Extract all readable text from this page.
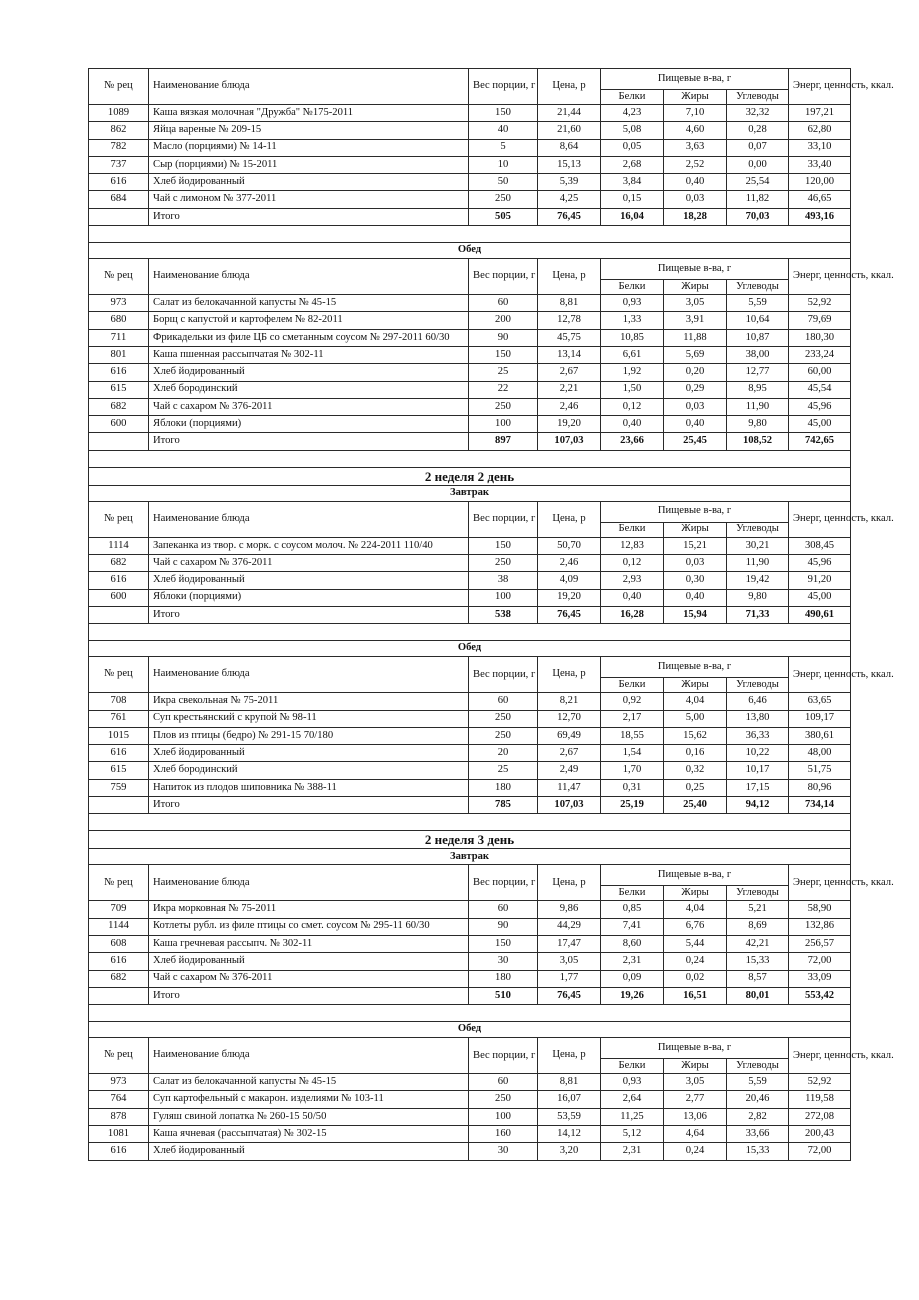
№ рец	Наименование блюда	Вес порции, г	Цена, р	Пищевые в-ва, г			Энерг, ценность, ккал.
				Белки	Жиры	Углеводы	
1089	Каша вязкая молочная "Дружба" №175-2011	150	21,44	4,23	7,10	32,32	197,21
862	Яйца вареные № 209-15	40	21,60	5,08	4,60	0,28	62,80
782	Масло (порциями) № 14-11	5	8,64	0,05	3,63	0,07	33,10
737	Сыр (порциями) № 15-2011	10	15,13	2,68	2,52	0,00	33,40
616	Хлеб йодированный	50	5,39	3,84	0,40	25,54	120,00
684	Чай с лимоном № 377-2011	250	4,25	0,15	0,03	11,82	46,65
	Итого	505	76,45	16,04	18,28	70,03	493,16

Обед							
№ рец	Наименование блюда	Вес порции, г	Цена, р	Пищевые в-ва, г			Энерг, ценность, ккал.
				Белки	Жиры	Углеводы	
973	Салат из белокачанной капусты № 45-15	60	8,81	0,93	3,05	5,59	52,92
680	Борщ с капустой и картофелем № 82-2011	200	12,78	1,33	3,91	10,64	79,69
711	Фрикадельки из филе ЦБ со сметанным соусом № 297-2011 60/30	90	45,75	10,85	11,88	10,87	180,30
801	Каша пшенная рассыпчатая № 302-11	150	13,14	6,61	5,69	38,00	233,24
616	Хлеб йодированный	25	2,67	1,92	0,20	12,77	60,00
615	Хлеб бородинский	22	2,21	1,50	0,29	8,95	45,54
682	Чай с сахаром № 376-2011	250	2,46	0,12	0,03	11,90	45,96
600	Яблоки (порциями)	100	19,20	0,40	0,40	9,80	45,00
	Итого	897	107,03	23,66	25,45	108,52	742,65

2 неделя 2 день							
Завтрак							
№ рец	Наименование блюда	Вес порции, г	Цена, р	Пищевые в-ва, г			Энерг, ценность, ккал.
				Белки	Жиры	Углеводы	
1114	Запеканка из твор. с морк. с соусом молоч. № 224-2011 110/40	150	50,70	12,83	15,21	30,21	308,45
682	Чай с сахаром № 376-2011	250	2,46	0,12	0,03	11,90	45,96
616	Хлеб йодированный	38	4,09	2,93	0,30	19,42	91,20
600	Яблоки (порциями)	100	19,20	0,40	0,40	9,80	45,00
	Итого	538	76,45	16,28	15,94	71,33	490,61

Обед							
№ рец	Наименование блюда	Вес порции, г	Цена, р	Пищевые в-ва, г			Энерг, ценность, ккал.
				Белки	Жиры	Углеводы	
708	Икра свекольная № 75-2011	60	8,21	0,92	4,04	6,46	63,65
761	Суп крестьянский с крупой № 98-11	250	12,70	2,17	5,00	13,80	109,17
1015	Плов из птицы (бедро) № 291-15 70/180	250	69,49	18,55	15,62	36,33	380,61
616	Хлеб йодированный	20	2,67	1,54	0,16	10,22	48,00
615	Хлеб бородинский	25	2,49	1,70	0,32	10,17	51,75
759	Напиток из плодов шиповника № 388-11	180	11,47	0,31	0,25	17,15	80,96
	Итого	785	107,03	25,19	25,40	94,12	734,14

2 неделя 3 день							
Завтрак							
№ рец	Наименование блюда	Вес порции, г	Цена, р	Пищевые в-ва, г			Энерг, ценность, ккал.
				Белки	Жиры	Углеводы	
709	Икра морковная № 75-2011	60	9,86	0,85	4,04	5,21	58,90
1144	Котлеты рубл. из филе птицы со смет. соусом № 295-11 60/30	90	44,29	7,41	6,76	8,69	132,86
608	Каша гречневая рассыпч. № 302-11	150	17,47	8,60	5,44	42,21	256,57
616	Хлеб йодированный	30	3,05	2,31	0,24	15,33	72,00
682	Чай с сахаром № 376-2011	180	1,77	0,09	0,02	8,57	33,09
	Итого	510	76,45	19,26	16,51	80,01	553,42

Обед							
№ рец	Наименование блюда	Вес порции, г	Цена, р	Пищевые в-ва, г			Энерг, ценность, ккал.
				Белки	Жиры	Углеводы	
973	Салат из белокачанной капусты № 45-15	60	8,81	0,93	3,05	5,59	52,92
764	Суп картофельный с макарон. изделиями № 103-11	250	16,07	2,64	2,77	20,46	119,58
878	Гуляш свиной лопатка № 260-15 50/50	100	53,59	11,25	13,06	2,82	272,08
1081	Каша ячневая (рассыпчатая) № 302-15	160	14,12	5,12	4,64	33,66	200,43
616	Хлеб йодированный	30	3,20	2,31	0,24	15,33	72,00
